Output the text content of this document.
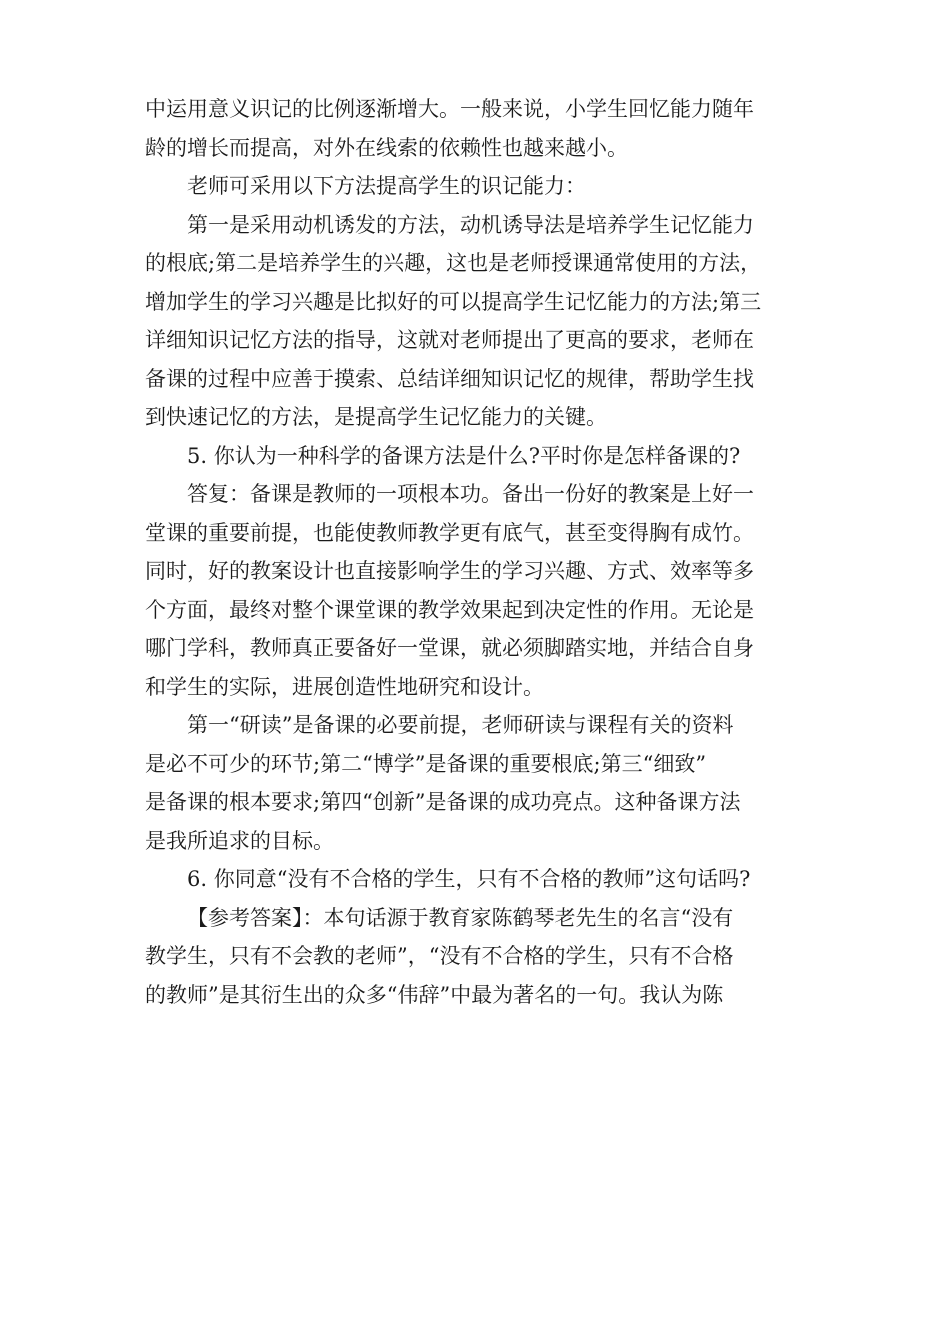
中运用意义识记的比例逐渐增大。一般来说，小学生回忆能力随年
龄的增长而提高，对外在线索的依赖性也越来越小。
老师可采用以下方法提高学生的识记能力：
第一是采用动机诱发的方法，动机诱导法是培养学生记忆能力
的根底;第二是培养学生的兴趣，这也是老师授课通常使用的方法，
增加学生的学习兴趣是比拟好的可以提高学生记忆能力的方法;第三
详细知识记忆方法的指导，这就对老师提出了更高的要求，老师在
备课的过程中应善于摸索、总结详细知识记忆的规律，帮助学生找
到快速记忆的方法，是提高学生记忆能力的关键。
5. 你认为一种科学的备课方法是什么?平时你是怎样备课的?
答复：备课是教师的一项根本功。备出一份好的教案是上好一
堂课的重要前提，也能使教师教学更有底气，甚至变得胸有成竹。
同时，好的教案设计也直接影响学生的学习兴趣、方式、效率等多
个方面，最终对整个课堂课的教学效果起到决定性的作用。无论是
哪门学科，教师真正要备好一堂课，就必须脚踏实地，并结合自身
和学生的实际，进展创造性地研究和设计。
第一“研读”是备课的必要前提，老师研读与课程有关的资料
是必不可少的环节;第二“博学”是备课的重要根底;第三“细致”
是备课的根本要求;第四“创新”是备课的成功亮点。这种备课方法
是我所追求的目标。
6. 你同意“没有不合格的学生，只有不合格的教师”这句话吗?
【参考答案】：本句话源于教育家陈鹤琴老先生的名言“没有
教学生，只有不会教的老师”，“没有不合格的学生，只有不合格
的教师”是其衍生出的众多“伟辞”中最为著名的一句。我认为陈
